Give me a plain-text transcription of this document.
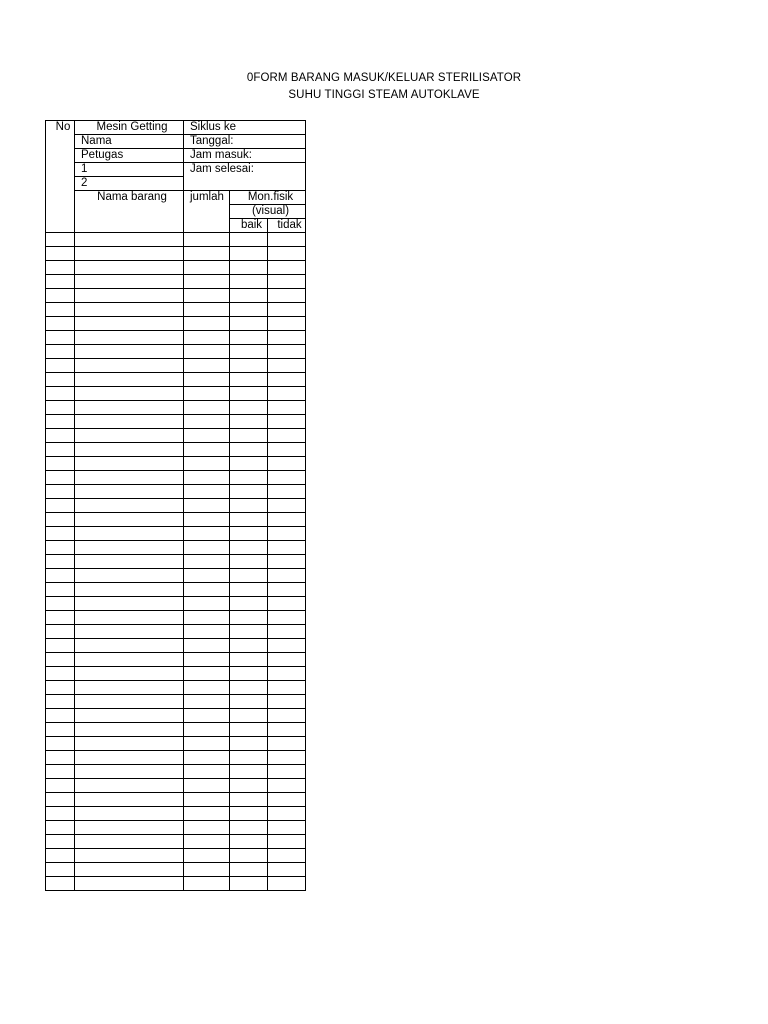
0FORM BARANG MASUK/KELUAR STERILISATOR
SUHU TINGGI STEAM AUTOKLAVE
No	Mesin Getting	Siklus ke		
	Nama	Tanggal:		
	Petugas	Jam masuk:		
	1	Jam selesai:		
	2			
	Nama barang	jumlah	Mon.fisik	
			(visual)	
			baik	tidak
